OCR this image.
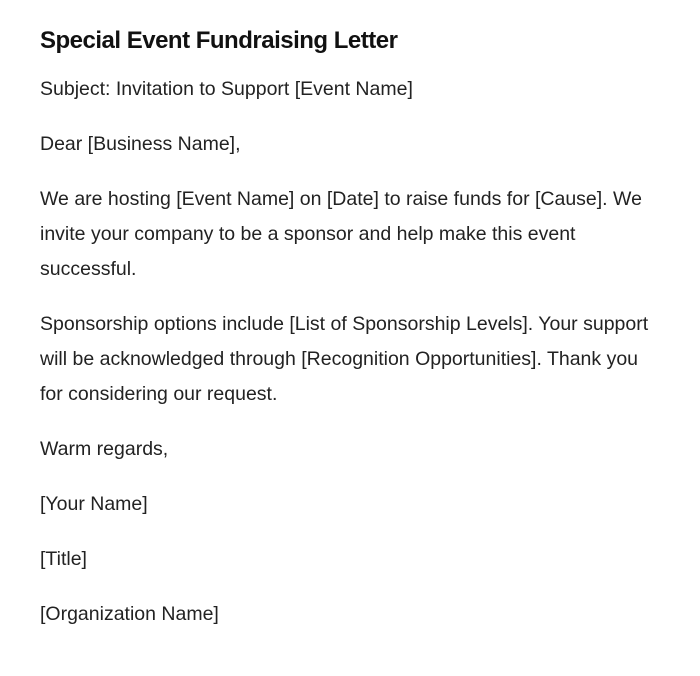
Special Event Fundraising Letter

Subject: Invitation to Support [Event Name]

Dear [Business Name],

We are hosting [Event Name] on [Date] to raise funds for [Cause]. We invite your company to be a sponsor and help make this event successful.

Sponsorship options include [List of Sponsorship Levels]. Your support will be acknowledged through [Recognition Opportunities]. Thank you for considering our request.

Warm regards,

[Your Name]

[Title]

[Organization Name]
